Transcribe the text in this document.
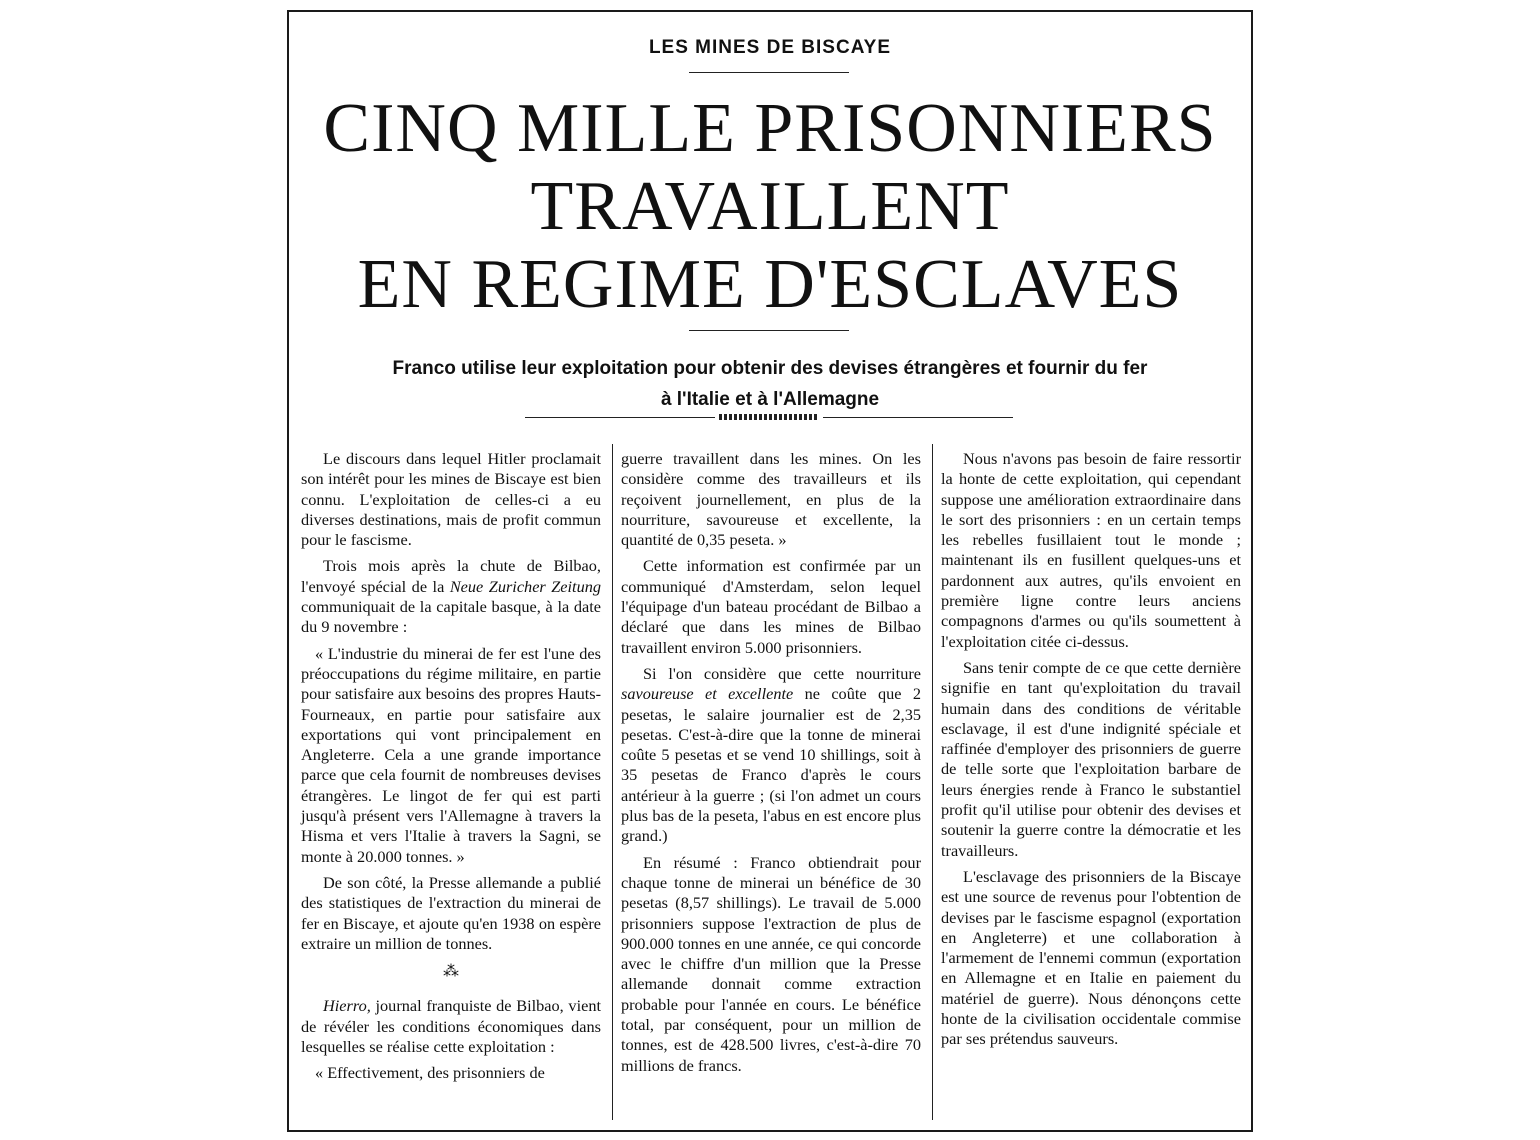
LES MINES DE BISCAYE
CINQ MILLE PRISONNIERS
TRAVAILLENT
EN REGIME D'ESCLAVES
Franco utilise leur exploitation pour obtenir des devises étrangères et fournir du fer
à l'Italie et à l'Allemagne

Le discours dans lequel Hitler proclamait son intérêt pour les mines de Biscaye est bien connu. L'exploitation de celles-ci a eu diverses destinations, mais de profit commun pour le fascisme.

Trois mois après la chute de Bilbao, l'envoyé spécial de la Neue Zuricher Zeitung communiquait de la capitale basque, à la date du 9 novembre :

« L'industrie du minerai de fer est l'une des préoccupations du régime militaire, en partie pour satisfaire aux besoins des propres Hauts-Fourneaux, en partie pour satisfaire aux exportations qui vont principalement en Angleterre. Cela a une grande importance parce que cela fournit de nombreuses devises étrangères. Le lingot de fer qui est parti jusqu'à présent vers l'Allemagne à travers la Hisma et vers l'Italie à travers la Sagni, se monte à 20.000 tonnes. »

De son côté, la Presse allemande a publié des statistiques de l'extraction du minerai de fer en Biscaye, et ajoute qu'en 1938 on espère extraire un million de tonnes.

⁂

Hierro, journal franquiste de Bilbao, vient de révéler les conditions économiques dans lesquelles se réalise cette exploitation :

« Effectivement, des prisonniers de

guerre travaillent dans les mines. On les considère comme des travailleurs et ils reçoivent journellement, en plus de la nourriture, savoureuse et excellente, la quantité de 0,35 peseta. »

Cette information est confirmée par un communiqué d'Amsterdam, selon lequel l'équipage d'un bateau procédant de Bilbao a déclaré que dans les mines de Bilbao travaillent environ 5.000 prisonniers.

Si l'on considère que cette nourriture savoureuse et excellente ne coûte que 2 pesetas, le salaire journalier est de 2,35 pesetas. C'est-à-dire que la tonne de minerai coûte 5 pesetas et se vend 10 shillings, soit à 35 pesetas de Franco d'après le cours antérieur à la guerre ; (si l'on admet un cours plus bas de la peseta, l'abus en est encore plus grand.)

En résumé : Franco obtiendrait pour chaque tonne de minerai un bénéfice de 30 pesetas (8,57 shillings). Le travail de 5.000 prisonniers suppose l'extraction de plus de 900.000 tonnes en une année, ce qui concorde avec le chiffre d'un million que la Presse allemande donnait comme extraction probable pour l'année en cours. Le bénéfice total, par conséquent, pour un million de tonnes, est de 428.500 livres, c'est-à-dire 70 millions de francs.

Nous n'avons pas besoin de faire ressortir la honte de cette exploitation, qui cependant suppose une amélioration extraordinaire dans le sort des prisonniers : en un certain temps les rebelles fusillaient tout le monde ; maintenant ils en fusillent quelques-uns et pardonnent aux autres, qu'ils envoient en première ligne contre leurs anciens compagnons d'armes ou qu'ils soumettent à l'exploitation citée ci-dessus.

Sans tenir compte de ce que cette dernière signifie en tant qu'exploitation du travail humain dans des conditions de véritable esclavage, il est d'une indignité spéciale et raffinée d'employer des prisonniers de guerre de telle sorte que l'exploitation barbare de leurs énergies rende à Franco le substantiel profit qu'il utilise pour obtenir des devises et soutenir la guerre contre la démocratie et les travailleurs.

L'esclavage des prisonniers de la Biscaye est une source de revenus pour l'obtention de devises par le fascisme espagnol (exportation en Angleterre) et une collaboration à l'armement de l'ennemi commun (exportation en Allemagne et en Italie en paiement du matériel de guerre). Nous dénonçons cette honte de la civilisation occidentale commise par ses prétendus sauveurs.
